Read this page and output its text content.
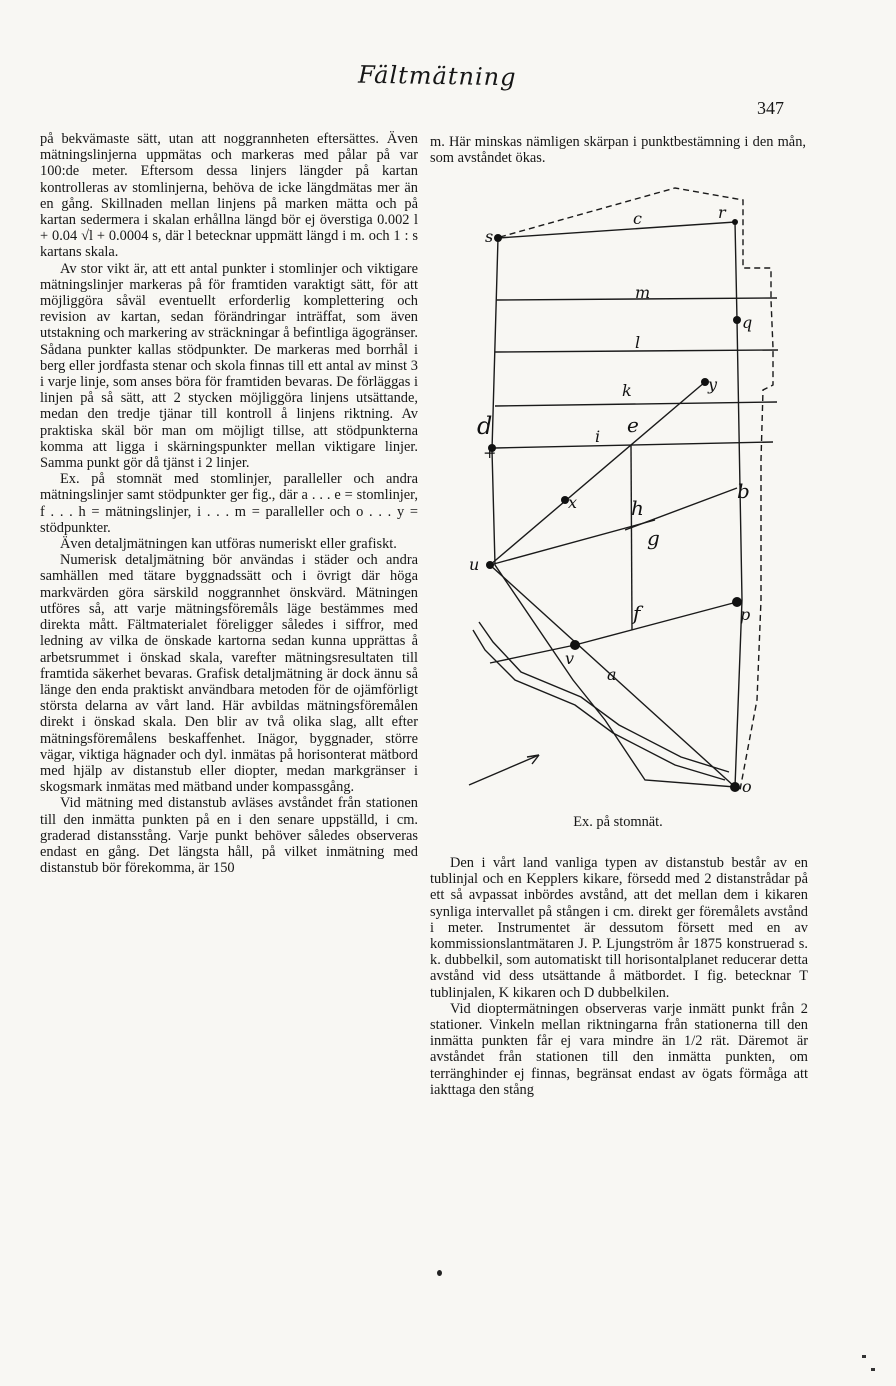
Fältmätning
347

på bekvämaste sätt, utan att noggrannheten eftersättes. Även mätningslinjerna uppmätas och markeras med pålar på var 100:de meter. Eftersom dessa linjers längder på kartan kontrolleras av stomlinjerna, behöva de icke längdmätas mer än en gång. Skillnaden mellan linjens på marken mätta och på kartan sedermera i skalan erhållna längd bör ej överstiga 0.002 l + 0.04 √l + 0.0004 s, där l betecknar uppmätt längd i m. och 1 : s kartans skala.

Av stor vikt är, att ett antal punkter i stomlinjer och viktigare mätningslinjer markeras på för framtiden varaktigt sätt, för att möjliggöra såväl eventuellt erforderlig komplettering och revision av kartan, sedan förändringar inträffat, som även utstakning och markering av sträckningar å befintliga ägogränser. Sådana punkter kallas stödpunkter. De markeras med borrhål i berg eller jordfasta stenar och skola finnas till ett antal av minst 3 i varje linje, som anses böra för framtiden bevaras. De förläggas i linjen på så sätt, att 2 stycken möjliggöra linjens utsättande, medan den tredje tjänar till kontroll å linjens riktning. Av praktiska skäl bör man om möjligt tillse, att stödpunkterna komma att ligga i skärningspunkter mellan viktigare linjer. Samma punkt gör då tjänst i 2 linjer.

Ex. på stomnät med stomlinjer, paralleller och andra mätningslinjer samt stödpunkter ger fig., där a . . . e = stomlinjer, f . . . h = mätningslinjer, i . . . m = paralleller och o . . . y = stödpunkter.

Även detaljmätningen kan utföras numeriskt eller grafiskt.

Numerisk detaljmätning bör användas i städer och andra samhällen med tätare byggnadssätt och i övrigt där höga markvärden göra särskild noggrannhet önskvärd. Mätningen utföres så, att varje mätningsföremåls läge bestämmes med direkta mått. Fältmaterialet föreligger således i siffror, med ledning av vilka de önskade kartorna sedan kunna upprättas å arbetsrummet i önskad skala, varefter mätningsresultaten till framtida säkerhet bevaras. Grafisk detaljmätning är dock ännu så länge den enda praktiskt användbara metoden för de ojämförligt största delarna av vårt land. Här avbildas mätningsföremålen direkt i önskad skala. Den blir av två olika slag, allt efter mätningsföremålens beskaffenhet. Inägor, byggnader, större vägar, viktiga hägnader och dyl. inmätas på horisonterat mätbord med hjälp av distanstub eller diopter, medan markgränser i skogsmark inmätas med mätband under kompassgång.

Vid mätning med distanstub avläses avståndet från stationen till den inmätta punkten på en i den senare uppställd, i cm. graderad distansstång. Varje punkt behöver således observeras endast en gång. Det längsta håll, på vilket inmätning med distanstub bör förekomma, är 150

m. Här minskas nämligen skärpan i punktbestämning i den mån, som avståndet ökas.

s
c	r
m
q
l
k	y
d
+
e
i
h
x
g
b
u
f	p
v
a
o
Ex. på stomnät.

Den i vårt land vanliga typen av distanstub består av en tublinjal och en Kepplers kikare, försedd med 2 distanstrådar på ett så avpassat inbördes avstånd, att det mellan dem i kikaren synliga intervallet på stången i cm. direkt ger föremålets avstånd i meter. Instrumentet är dessutom försett med en av kommissionslantmätaren J. P. Ljungström år 1875 konstruerad s. k. dubbelkil, som automatiskt till horisontalplanet reducerar detta avstånd vid dess utsättande å mätbordet. I fig. betecknar T tublinjalen, K kikaren och D dubbelkilen.

Vid dioptermätningen observeras varje inmätt punkt från 2 stationer. Vinkeln mellan riktningarna från stationerna till den inmätta punkten får ej vara mindre än 1/2 rät. Däremot är avståndet från stationen till den inmätta punkten, om terränghinder ej finnas, begränsat endast av ögats förmåga att iakttaga den stång
